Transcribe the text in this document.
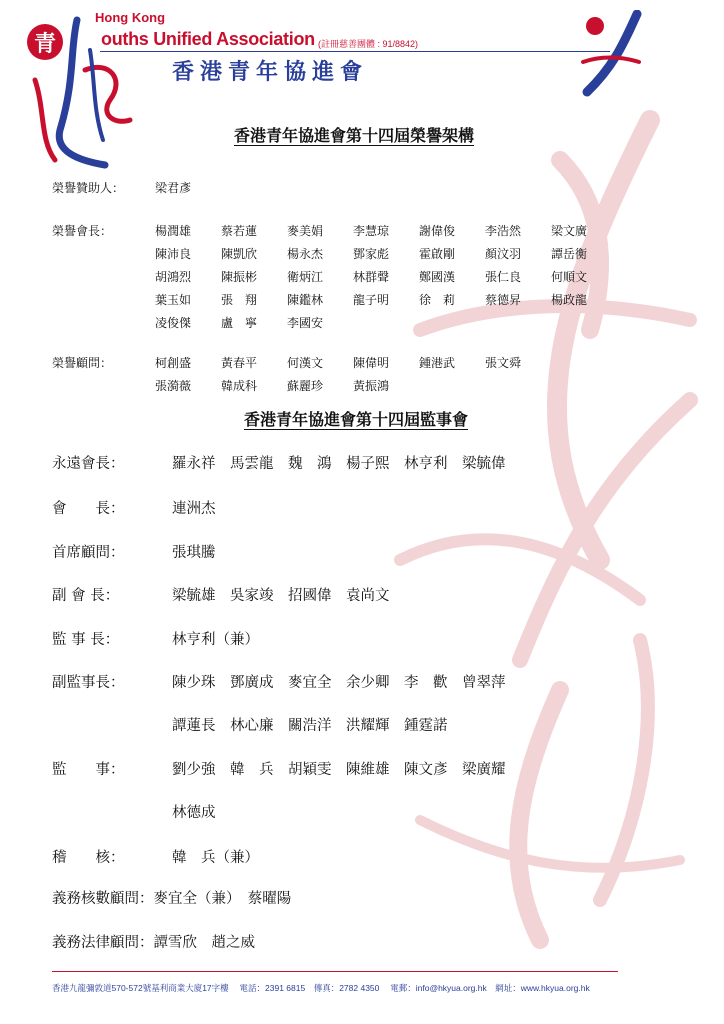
青
Hong Kong
ouths Unified Association (註冊慈善團體 : 91/8842)
香港青年協進會
香港青年協進會第十四屆榮譽架構
榮譽贊助人：	梁君彥
榮譽會長：	楊潤雄 蔡若蓮 麥美娟 李慧琼 謝偉俊 李浩然 梁文廣
陳沛良 陳凱欣 楊永杰 鄧家彪 霍啟剛 顏汶羽 譚岳衡
胡鴻烈 陳振彬 衛炳江 林群聲 鄭國漢 張仁良 何順文
葉玉如 張　翔 陳鑑林 龍子明 徐　莉 蔡德昇 楊政龍
凌俊傑 盧　寧 李國安
榮譽顧問：	柯創盛 黃春平 何漢文 陳偉明 鍾港武 張文舜
張漪薇 韓成科 蘇麗珍 黃振鴻
香港青年協進會第十四屆監事會
永遠會長：	羅永祥　馬雲龍　魏　鴻　楊子熙　林亨利　梁毓偉
會　　長：	連洲杰
首席顧問：	張琪騰
副 會 長：	梁毓雄　吳家竣　招國偉　袁尚文
監 事 長：	林亨利（兼）
副監事長：	陳少珠　鄧廣成　麥宜全　余少卿　李　歡　曾翠萍
譚蓮長　林心廉　關浩洋　洪耀輝　鍾霆諾
監　　事：	劉少強　韓　兵　胡穎雯　陳維雄　陳文彥　梁廣耀
林德成
稽　　核：	韓　兵（兼）
義務核數顧問：麥宜全（兼）　蔡曜陽
義務法律顧問：譚雪欣　趙之威
香港九龍彌敦道570-572號基利商業大廈17字樓　 電話：2391 6815　傳真：2782 4350　 電郵：info@hkyua.org.hk　網址：www.hkyua.org.hk
